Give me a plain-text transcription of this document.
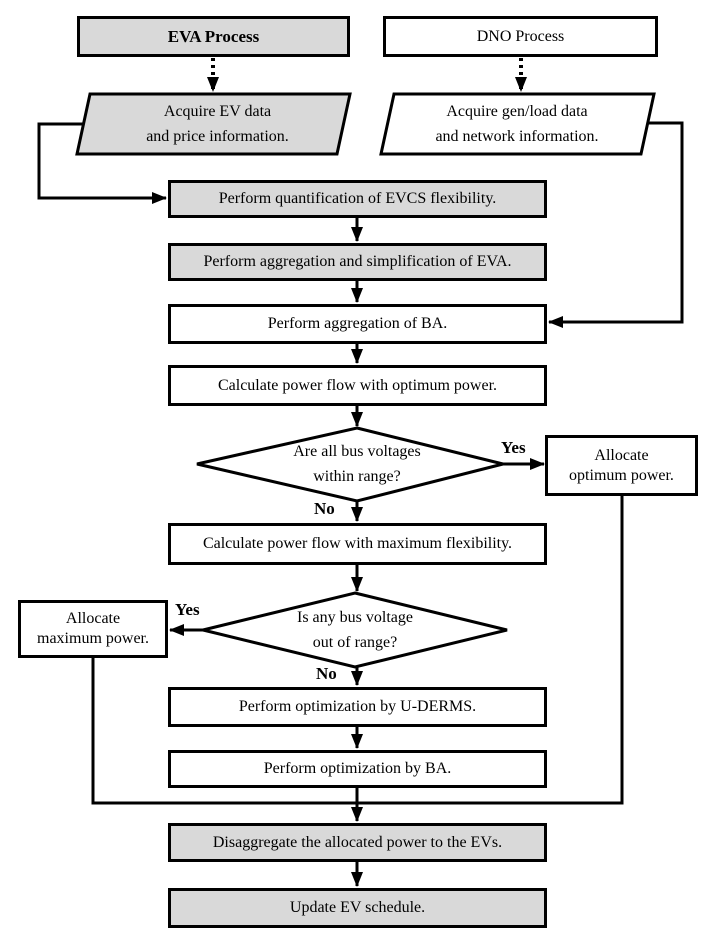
EVA Process	DNO Process
Acquire EV data
and price information.
Acquire gen/load data
and network information.
Perform quantification of EVCS flexibility.
Perform aggregation and simplification of EVA.
Perform aggregation of BA.
Calculate power flow with optimum power.
Are all bus voltages
within range?
Allocate
optimum power.
Calculate power flow with maximum flexibility.
Is any bus voltage
out of range?
Allocate
maximum power.
Perform optimization by U-DERMS.
Perform optimization by BA.
Disaggregate the allocated power to the EVs.
Update EV schedule.
Yes
No
Yes
No
